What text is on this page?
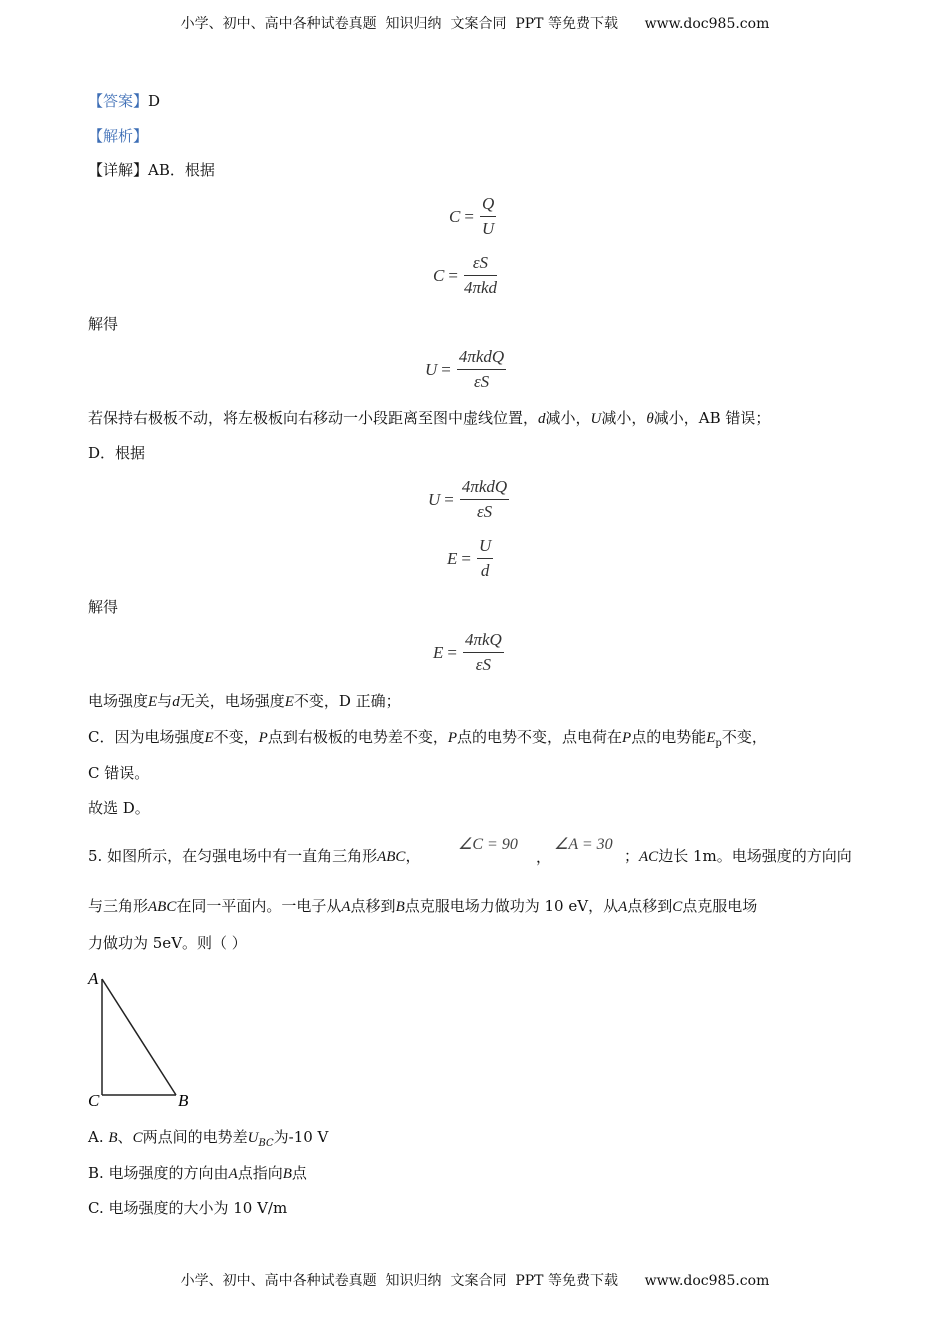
小学、初中、高中各种试卷真题  知识归纳  文案合同  PPT 等免费下载      www.doc985.com
【答案】D
【解析】
【详解】AB．根据
$C = \frac{Q}{U}$
$C = \frac{\varepsilon S}{\text{4πkd}}$
解得
$U = \frac{\text{4πkdQ}}{\varepsilon S}$
若保持右极板不动，将左极板向右移动一小段距离至图中虚线位置，d减小，U减小，θ减小，AB 错误；
D．根据
$U = \frac{\text{4πkdQ}}{\varepsilon S}$
$E = \frac{U}{d}$
解得
$E = \frac{\text{4πkQ}}{\varepsilon S}$
电场强度E与d无关，电场强度E不变，D 正确；
C．因为电场强度E不变，P点到右极板的电势差不变，P点的电势不变，点电荷在P点的电势能$E_p$不变，
C 错误。
故选 D。
5. 如图所示，在匀强电场中有一直角三角形ABC，
∠C = 90
，
∠A = 30
；AC边长 1m。电场强度的方向向
与三角形ABC在同一平面内。一电子从A点移到B点克服电场力做功为 10 eV，从A点移到C点克服电场
力做功为 5eV。则（ ）
A
C	B
A. B、C两点间的电势差$U_{BC}$为-10 V
B. 电场强度的方向由A点指向B点
C. 电场强度的大小为 10 V/m
小学、初中、高中各种试卷真题  知识归纳  文案合同  PPT 等免费下载      www.doc985.com
